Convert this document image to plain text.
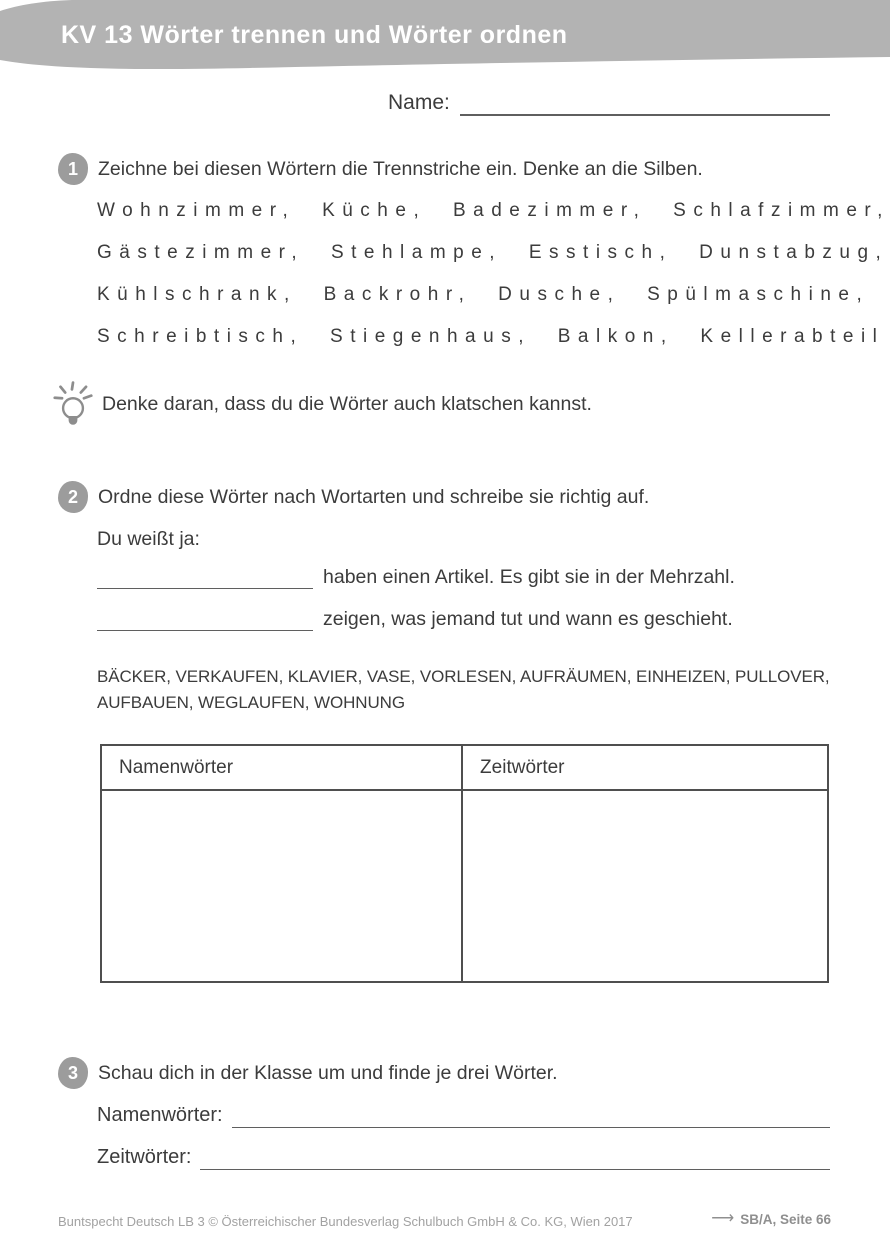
KV 13 Wörter trennen und Wörter ordnen
Name:
1	Zeichne bei diesen Wörtern die Trennstriche ein. Denke an die Silben.
Wohnzimmer, Küche, Badezimmer, Schlafzimmer,
Gästezimmer, Stehlampe, Esstisch, Dunstabzug,
Kühlschrank, Backrohr, Dusche, Spülmaschine,
Schreibtisch, Stiegenhaus, Balkon, Kellerabteil
Denke daran, dass du die Wörter auch klatschen kannst.
2	Ordne diese Wörter nach Wortarten und schreibe sie richtig auf.
Du weißt ja:
haben einen Artikel. Es gibt sie in der Mehrzahl.
zeigen, was jemand tut und wann es geschieht.
BÄCKER, VERKAUFEN, KLAVIER, VASE, VORLESEN, AUFRÄUMEN, EINHEIZEN, PULLOVER,
AUFBAUEN, WEGLAUFEN, WOHNUNG
Namenwörter	Zeitwörter
3	Schau dich in der Klasse um und finde je drei Wörter.
Namenwörter:
Zeitwörter:
Buntspecht Deutsch LB 3 © Österreichischer Bundesverlag Schulbuch GmbH & Co. KG, Wien 2017	⟶ SB/A, Seite 66
